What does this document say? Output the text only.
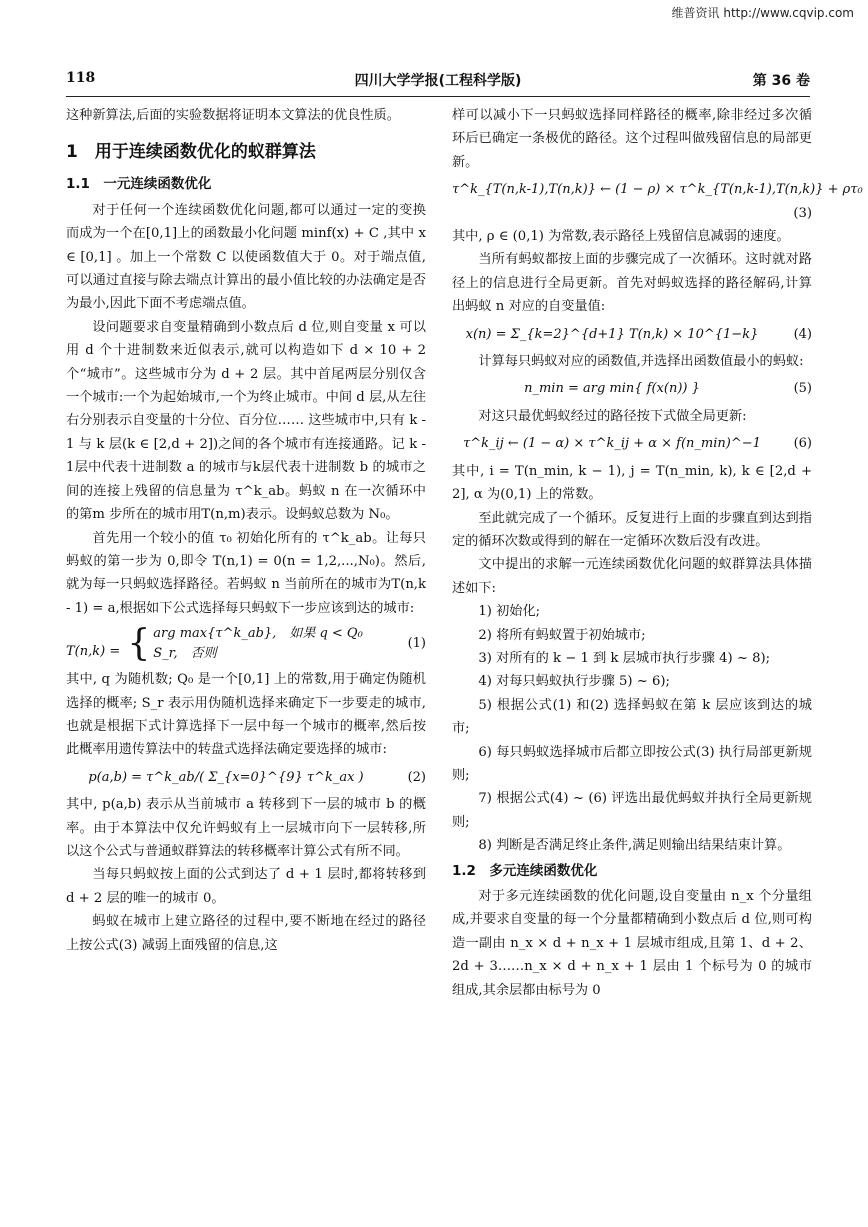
维普资讯 http://www.cqvip.com
118	四川大学学报(工程科学版)	第 36 卷

这种新算法,后面的实验数据将证明本文算法的优良性质。

1　用于连续函数优化的蚁群算法
1.1　一元连续函数优化

对于任何一个连续函数优化问题,都可以通过一定的变换而成为一个在[0,1]上的函数最小化问题 minf(x) + C ,其中 x ∈ [0,1] 。加上一个常数 C 以使函数值大于 0。对于端点值,可以通过直接与除去端点计算出的最小值比较的办法确定是否为最小,因此下面不考虑端点值。

设问题要求自变量精确到小数点后 d 位,则自变量 x 可以用 d 个十进制数来近似表示,就可以构造如下 d × 10 + 2 个“城市”。这些城市分为 d + 2 层。其中首尾两层分别仅含一个城市:一个为起始城市,一个为终止城市。中间 d 层,从左往右分别表示自变量的十分位、百分位…… 这些城市中,只有 k - 1 与 k 层(k ∈ [2,d + 2])之间的各个城市有连接通路。记 k - 1层中代表十进制数 a 的城市与k层代表十进制数 b 的城市之间的连接上残留的信息量为 τ^k_ab。蚂蚁 n 在一次循环中的第m 步所在的城市用T(n,m)表示。设蚂蚁总数为 N₀。

首先用一个较小的值 τ₀ 初始化所有的 τ^k_ab。让每只蚂蚁的第一步为 0,即令 T(n,1) = 0(n = 1,2,...,N₀)。然后,就为每一只蚂蚁选择路径。若蚂蚁 n 当前所在的城市为T(n,k - 1) = a,根据如下公式选择每只蚂蚁下一步应该到达的城市:

T(n,k) = { arg max{τ^k_ab},　如果 q < Q₀
S_r,　否则
(1)

其中, q 为随机数; Q₀ 是一个[0,1] 上的常数,用于确定伪随机选择的概率; S_r 表示用伪随机选择来确定下一步要走的城市,也就是根据下式计算选择下一层中每一个城市的概率,然后按此概率用遗传算法中的转盘式选择法确定要选择的城市:

p(a,b) = τ^k_ab/( Σ_{x=0}^{9} τ^k_ax )	(2)

其中, p(a,b) 表示从当前城市 a 转移到下一层的城市 b 的概率。由于本算法中仅允许蚂蚁有上一层城市向下一层转移,所以这个公式与普通蚁群算法的转移概率计算公式有所不同。

当每只蚂蚁按上面的公式到达了 d + 1 层时,都将转移到 d + 2 层的唯一的城市 0。

蚂蚁在城市上建立路径的过程中,要不断地在经过的路径上按公式(3) 减弱上面残留的信息,这

样可以减小下一只蚂蚁选择同样路径的概率,除非经过多次循环后已确定一条极优的路径。这个过程叫做残留信息的局部更新。

τ^k_{T(n,k-1),T(n,k)} ← (1 − ρ) × τ^k_{T(n,k-1),T(n,k)} + ρτ₀
(3)

其中, ρ ∈ (0,1) 为常数,表示路径上残留信息减弱的速度。

当所有蚂蚁都按上面的步骤完成了一次循环。这时就对路径上的信息进行全局更新。首先对蚂蚁选择的路径解码,计算出蚂蚁 n 对应的自变量值:

x(n) = Σ_{k=2}^{d+1} T(n,k) × 10^{1−k}	(4)

计算每只蚂蚁对应的函数值,并选择出函数值最小的蚂蚁:

n_min = arg min{ f(x(n)) }	(5)

对这只最优蚂蚁经过的路径按下式做全局更新:

τ^k_ij ← (1 − α) × τ^k_ij + α × f(n_min)^−1	(6)

其中, i = T(n_min, k − 1), j = T(n_min, k), k ∈ [2,d + 2], α 为(0,1) 上的常数。

至此就完成了一个循环。反复进行上面的步骤直到达到指定的循环次数或得到的解在一定循环次数后没有改进。

文中提出的求解一元连续函数优化问题的蚁群算法具体描述如下:

1) 初始化;

2) 将所有蚂蚁置于初始城市;

3) 对所有的 k − 1 到 k 层城市执行步骤 4) ~ 8);

4) 对每只蚂蚁执行步骤 5) ~ 6);

5) 根据公式(1) 和(2) 选择蚂蚁在第 k 层应该到达的城市;

6) 每只蚂蚁选择城市后都立即按公式(3) 执行局部更新规则;

7) 根据公式(4) ~ (6) 评选出最优蚂蚁并执行全局更新规则;

8) 判断是否满足终止条件,满足则输出结果结束计算。

1.2　多元连续函数优化

对于多元连续函数的优化问题,设自变量由 n_x 个分量组成,并要求自变量的每一个分量都精确到小数点后 d 位,则可构造一副由 n_x × d + n_x + 1 层城市组成,且第 1、d + 2、2d + 3……n_x × d + n_x + 1 层由 1 个标号为 0 的城市组成,其余层都由标号为 0
